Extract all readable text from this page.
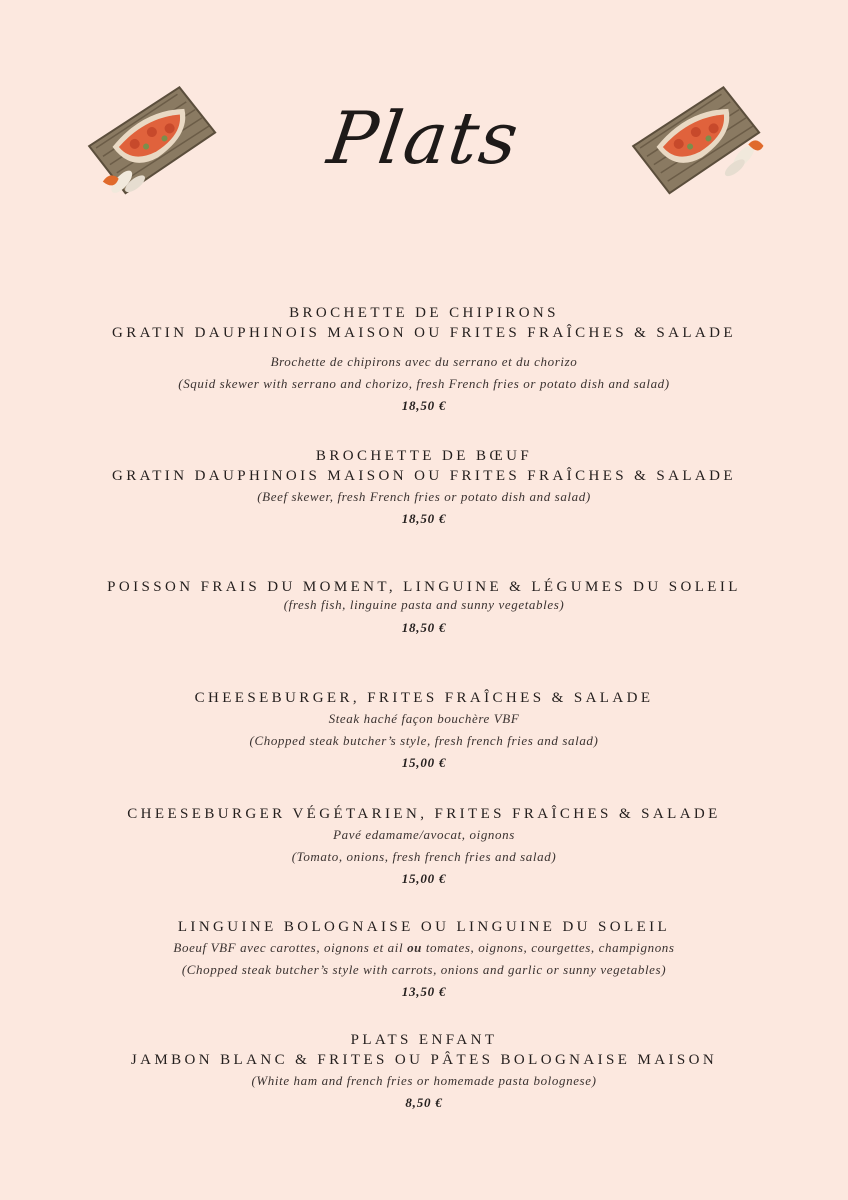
Plats
BROCHETTE DE CHIPIRONS
GRATIN DAUPHINOIS MAISON OU FRITES FRAÎCHES & SALADE
Brochette de chipirons avec du serrano et du chorizo
(Squid skewer with serrano and chorizo, fresh French fries or potato dish and salad)
18,50 €
BROCHETTE DE BŒUF
GRATIN DAUPHINOIS MAISON OU FRITES FRAÎCHES & SALADE
(Beef skewer, fresh French fries or potato dish and salad)
18,50 €
POISSON FRAIS DU MOMENT, LINGUINE & LÉGUMES DU SOLEIL
(fresh fish, linguine pasta and sunny vegetables)
18,50 €
CHEESEBURGER, FRITES FRAÎCHES & SALADE
Steak haché façon bouchère VBF
(Chopped steak butcher’s style, fresh french fries and salad)
15,00 €
CHEESEBURGER VÉGÉTARIEN, FRITES FRAÎCHES & SALADE
Pavé edamame/avocat, oignons
(Tomato, onions, fresh french fries and salad)
15,00 €
LINGUINE BOLOGNAISE OU LINGUINE DU SOLEIL
Boeuf VBF avec carottes, oignons et ail ou tomates, oignons, courgettes, champignons
(Chopped steak butcher’s style with carrots, onions and garlic or sunny vegetables)
13,50 €
PLATS ENFANT
JAMBON BLANC & FRITES OU PÂTES BOLOGNAISE MAISON
(White ham and french fries or homemade pasta bolognese)
8,50 €
